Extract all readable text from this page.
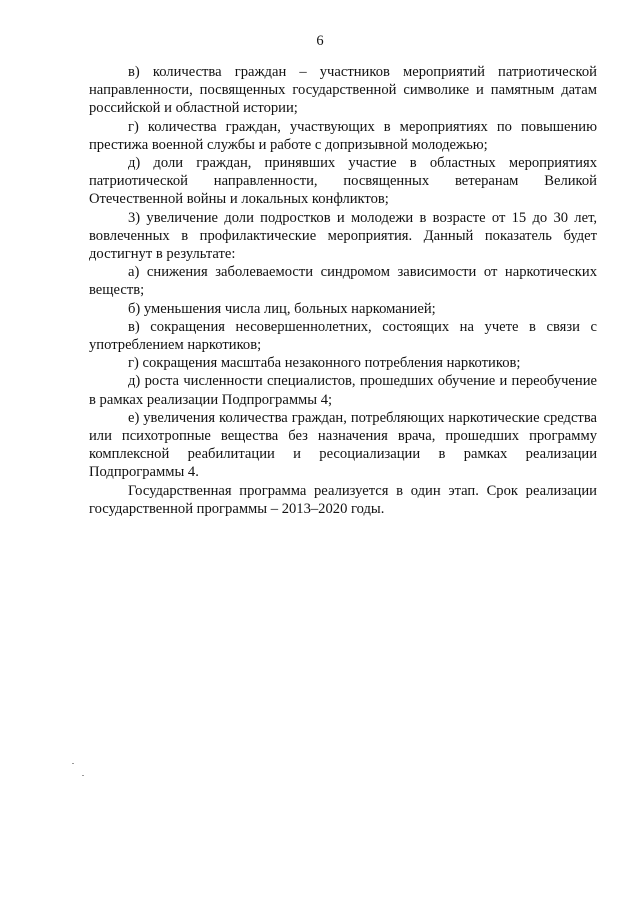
6

в) количества граждан – участников мероприятий патриотической направленности, посвященных государственной символике и памятным датам российской и областной истории;

г) количества граждан, участвующих в мероприятиях по повышению престижа военной службы и работе с допризывной молодежью;

д) доли граждан, принявших участие в областных мероприятиях патриотической направленности, посвященных ветеранам Великой Отечественной войны и локальных конфликтов;

3) увеличение доли подростков и молодежи в возрасте от 15 до 30 лет, вовлеченных в профилактические мероприятия. Данный показатель будет достигнут в результате:

а) снижения заболеваемости синдромом зависимости от наркотических веществ;

б) уменьшения числа лиц, больных наркоманией;

в) сокращения несовершеннолетних, состоящих на учете в связи с употреблением наркотиков;

г) сокращения масштаба незаконного потребления наркотиков;

д) роста численности специалистов, прошедших обучение и переобучение в рамках реализации Подпрограммы 4;

е) увеличения количества граждан, потребляющих наркотические средства или психотропные вещества без назначения врача, прошедших программу комплексной реабилитации и ресоциализации в рамках реализации Подпрограммы 4.

Государственная программа реализуется в один этап. Срок реализации государственной программы – 2013–2020 годы.
